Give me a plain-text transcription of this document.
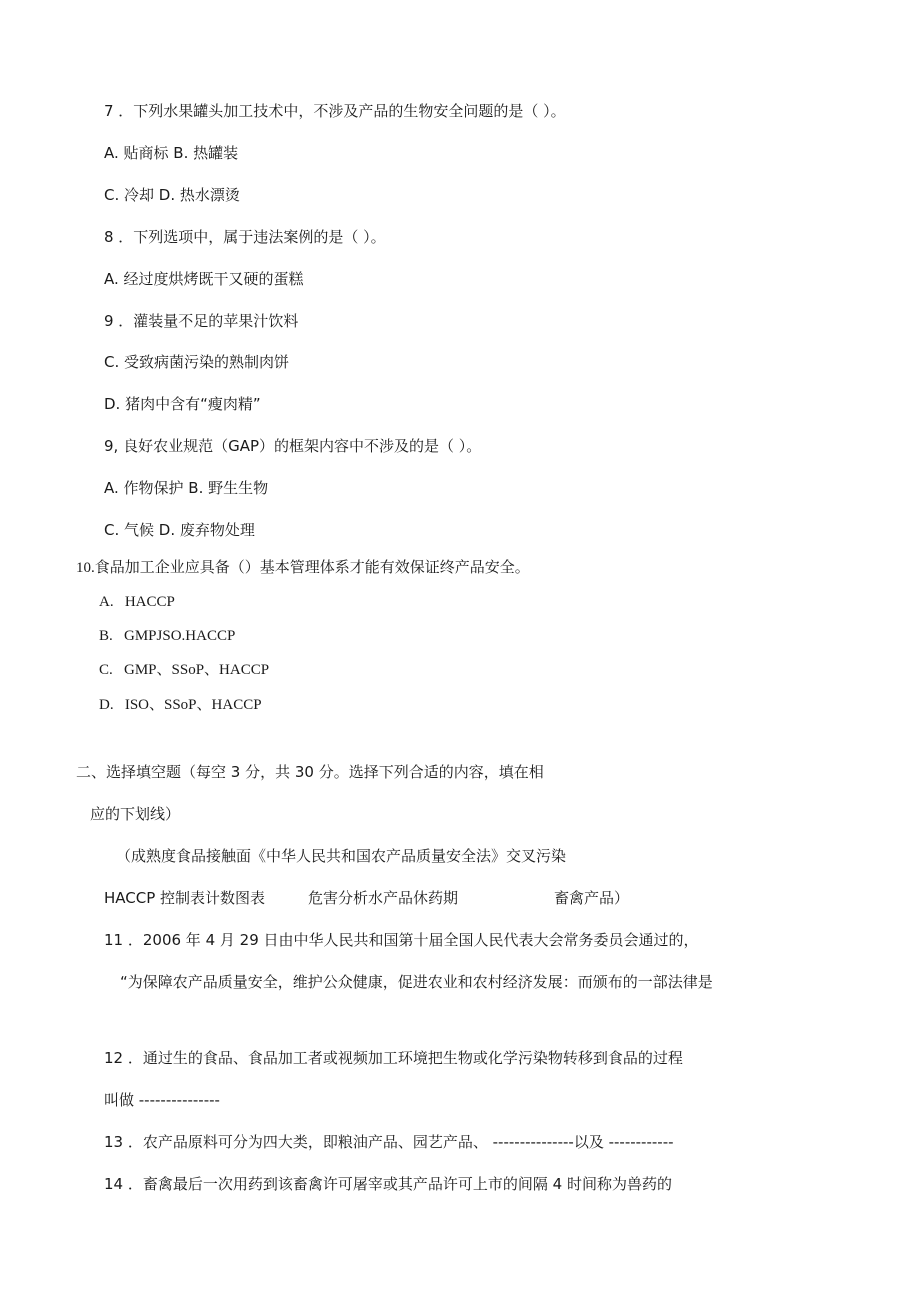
7 ．下列水果罐头加工技术中，不涉及产品的生物安全问题的是（ ）。
A. 贴商标 B. 热罐装
C. 冷却 D. 热水漂烫
8 ．下列选项中，属于违法案例的是（ ）。
A. 经过度烘烤既干又硬的蛋糕
9 ．灌装量不足的苹果汁饮料
C. 受致病菌污染的熟制肉饼
D. 猪肉中含有“瘦肉精”
9, 良好农业规范（GAP）的框架内容中不涉及的是（ ）。
A. 作物保护 B. 野生生物
C. 气候 D. 废弃物处理
10.食品加工企业应具备（）基本管理体系才能有效保证终产品安全。
A.   HACCP
B.   GMPJSO.HACCP
C.   GMP、SSoP、HACCP
D.   ISO、SSoP、HACCP
二、选择填空题（每空 3 分，共 30 分。选择下列合适的内容，填在相
应的下划线）
（成熟度食品接触面《中华人民共和国农产品质量安全法》交叉污染
HACCP 控制表计数图表	危害分析水产品休药期	畜禽产品）
11 ．2006 年 4 月 29 日由中华人民共和国第十届全国人民代表大会常务委员会通过的，
“为保障农产品质量安全，维护公众健康，促进农业和农村经济发展：而颁布的一部法律是
12 ．通过生的食品、食品加工者或视频加工环境把生物或化学污染物转移到食品的过程
叫做 ---------------
13 ．农产品原料可分为四大类，即粮油产品、园艺产品、 ---------------以及 ------------
14 ．畜禽最后一次用药到该畜禽许可屠宰或其产品许可上市的间隔 4 时间称为兽药的
